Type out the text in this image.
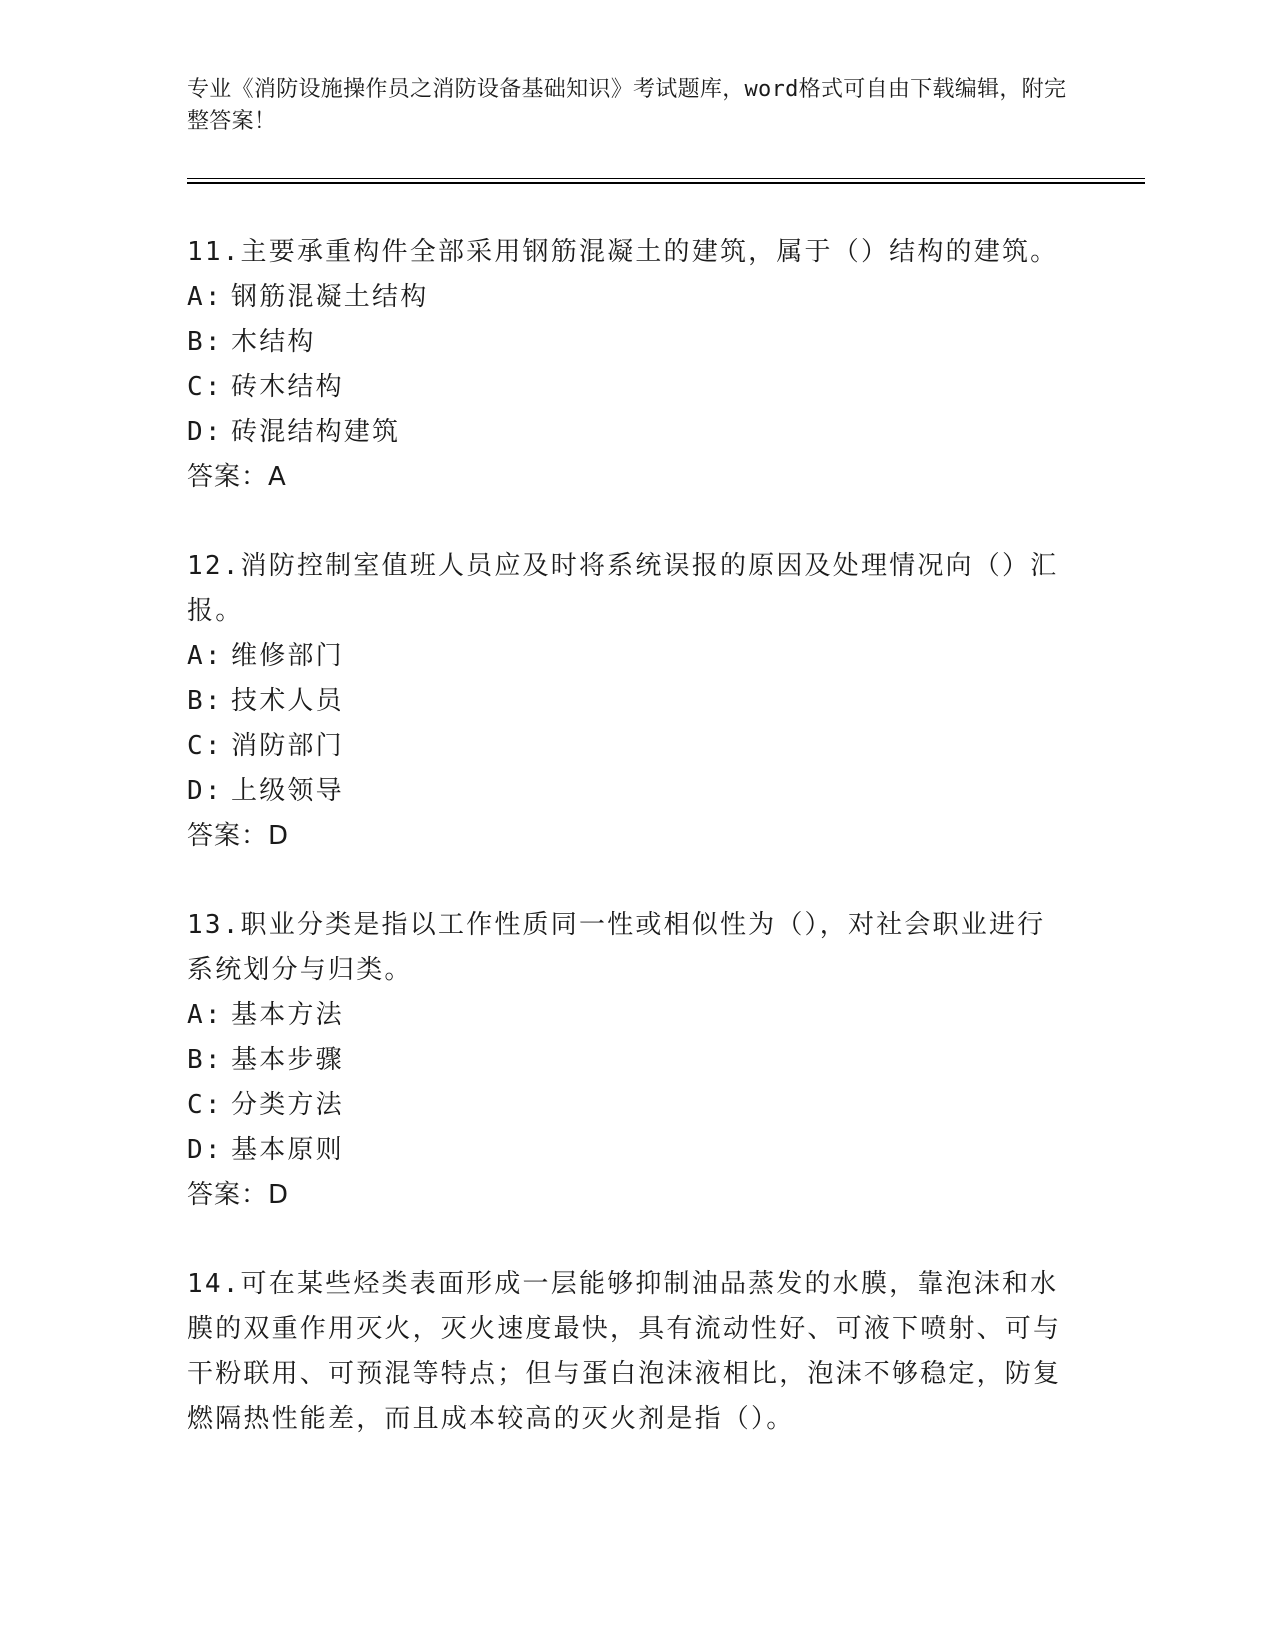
专业《消防设施操作员之消防设备基础知识》考试题库，word格式可自由下载编辑，附完整答案！
11.主要承重构件全部采用钢筋混凝土的建筑，属于（）结构的建筑。
A: 钢筋混凝土结构
B: 木结构
C: 砖木结构
D: 砖混结构建筑
答案：A
12.消防控制室值班人员应及时将系统误报的原因及处理情况向（）汇报。
A: 维修部门
B: 技术人员
C: 消防部门
D: 上级领导
答案：D
13.职业分类是指以工作性质同一性或相似性为（），对社会职业进行系统划分与归类。
A: 基本方法
B: 基本步骤
C: 分类方法
D: 基本原则
答案：D
14.可在某些烃类表面形成一层能够抑制油品蒸发的水膜，靠泡沫和水膜的双重作用灭火，灭火速度最快，具有流动性好、可液下喷射、可与干粉联用、可预混等特点；但与蛋白泡沫液相比，泡沫不够稳定，防复燃隔热性能差，而且成本较高的灭火剂是指（）。
